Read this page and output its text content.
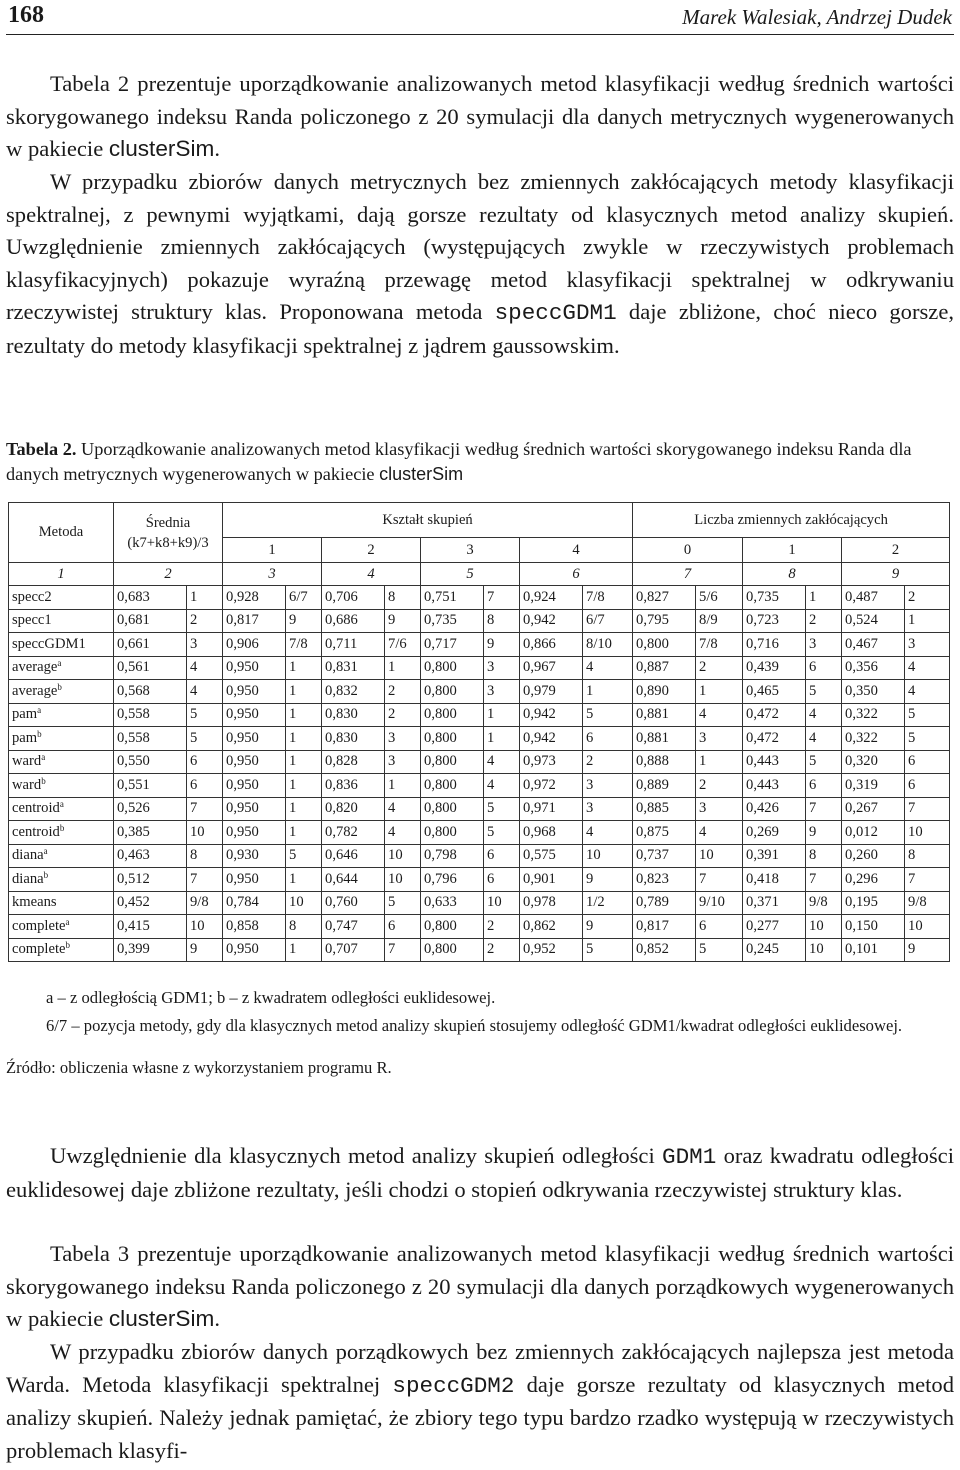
168	Marek Walesiak, Andrzej Dudek

Tabela 2 prezentuje uporządkowanie analizowanych metod klasyfikacji według średnich wartości skorygowanego indeksu Randa policzonego z 20 symulacji dla danych metrycznych wygenerowanych w pakiecie clusterSim.

W przypadku zbiorów danych metrycznych bez zmiennych zakłócających metody klasyfikacji spektralnej, z pewnymi wyjątkami, dają gorsze rezultaty od klasycznych metod analizy skupień. Uwzględnienie zmiennych zakłócających (występujących zwykle w rzeczywistych problemach klasyfikacyjnych) pokazuje wyraźną przewagę metod klasyfikacji spektralnej w odkrywaniu rzeczywistej struktury klas. Proponowana metoda speccGDM1 daje zbliżone, choć nieco gorsze, rezultaty do metody klasyfikacji spektralnej z jądrem gaussowskim.

Tabela 2. Uporządkowanie analizowanych metod klasyfikacji według średnich wartości skorygowanego indeksu Randa dla danych metrycznych wygenerowanych w pakiecie clusterSim

Metoda	Średnia
(k7+k8+k9)/3		Kształt skupień								Liczba zmiennych zakłócających					
			1		2		3		4		0		1		2	
1	2		3		4		5		6		7		8		9	
specc2	0,683	1	0,928	6/7	0,706	8	0,751	7	0,924	7/8	0,827	5/6	0,735	1	0,487	2
specc1	0,681	2	0,817	9	0,686	9	0,735	8	0,942	6/7	0,795	8/9	0,723	2	0,524	1
speccGDM1	0,661	3	0,906	7/8	0,711	7/6	0,717	9	0,866	8/10	0,800	7/8	0,716	3	0,467	3
average$^a$	0,561	4	0,950	1	0,831	1	0,800	3	0,967	4	0,887	2	0,439	6	0,356	4
average$^b$	0,568	4	0,950	1	0,832	2	0,800	3	0,979	1	0,890	1	0,465	5	0,350	4
pam$^a$	0,558	5	0,950	1	0,830	2	0,800	1	0,942	5	0,881	4	0,472	4	0,322	5
pam$^b$	0,558	5	0,950	1	0,830	3	0,800	1	0,942	6	0,881	3	0,472	4	0,322	5
ward$^a$	0,550	6	0,950	1	0,828	3	0,800	4	0,973	2	0,888	1	0,443	5	0,320	6
ward$^b$	0,551	6	0,950	1	0,836	1	0,800	4	0,972	3	0,889	2	0,443	6	0,319	6
centroid$^a$	0,526	7	0,950	1	0,820	4	0,800	5	0,971	3	0,885	3	0,426	7	0,267	7
centroid$^b$	0,385	10	0,950	1	0,782	4	0,800	5	0,968	4	0,875	4	0,269	9	0,012	10
diana$^a$	0,463	8	0,930	5	0,646	10	0,798	6	0,575	10	0,737	10	0,391	8	0,260	8
diana$^b$	0,512	7	0,950	1	0,644	10	0,796	6	0,901	9	0,823	7	0,418	7	0,296	7
kmeans	0,452	9/8	0,784	10	0,760	5	0,633	10	0,978	1/2	0,789	9/10	0,371	9/8	0,195	9/8
complete$^a$	0,415	10	0,858	8	0,747	6	0,800	2	0,862	9	0,817	6	0,277	10	0,150	10
complete$^b$	0,399	9	0,950	1	0,707	7	0,800	2	0,952	5	0,852	5	0,245	10	0,101	9

a – z odległością GDM1; b – z kwadratem odległości euklidesowej.

6/7 – pozycja metody, gdy dla klasycznych metod analizy skupień stosujemy odległość GDM1/kwadrat odległości euklidesowej.

Źródło: obliczenia własne z wykorzystaniem programu R.

Uwzględnienie dla klasycznych metod analizy skupień odległości GDM1 oraz kwadratu odległości euklidesowej daje zbliżone rezultaty, jeśli chodzi o stopień odkrywania rzeczywistej struktury klas.

Tabela 3 prezentuje uporządkowanie analizowanych metod klasyfikacji według średnich wartości skorygowanego indeksu Randa policzonego z 20 symulacji dla danych porządkowych wygenerowanych w pakiecie clusterSim.

W przypadku zbiorów danych porządkowych bez zmiennych zakłócających najlepsza jest metoda Warda. Metoda klasyfikacji spektralnej speccGDM2 daje gorsze rezultaty od klasycznych metod analizy skupień. Należy jednak pamiętać, że zbiory tego typu bardzo rzadko występują w rzeczywistych problemach klasyfi-
